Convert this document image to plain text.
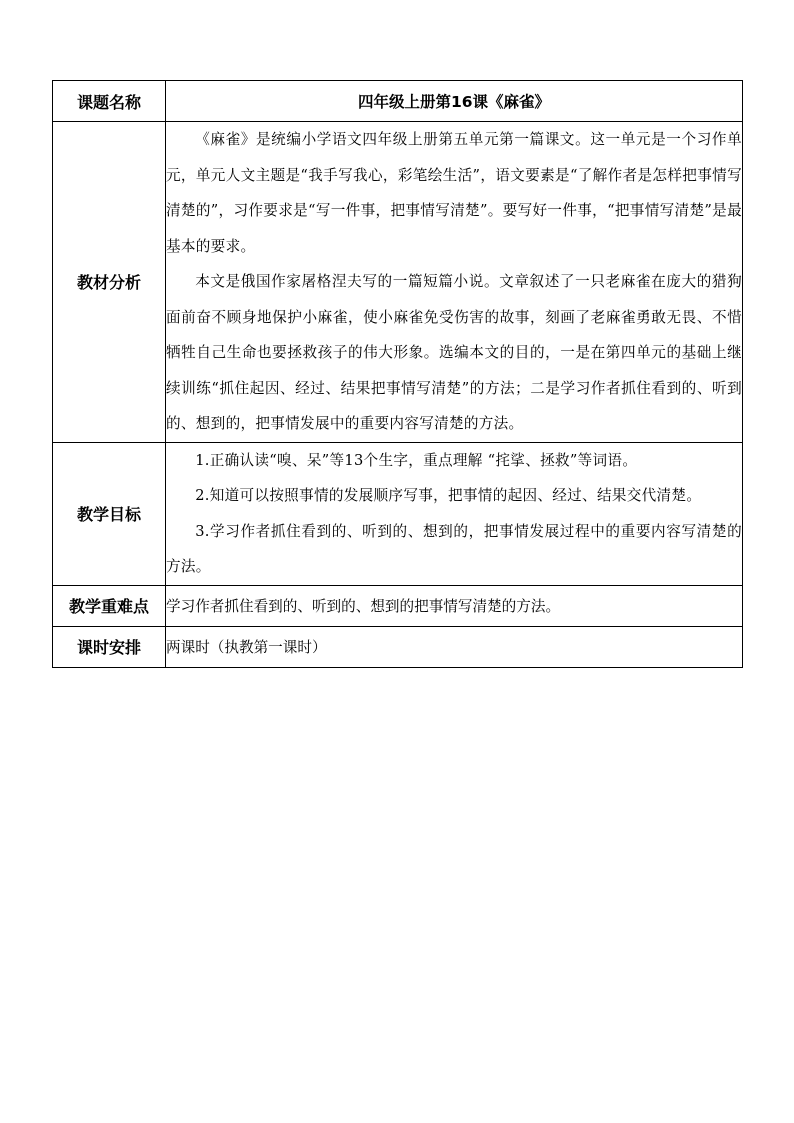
课题名称	四年级上册第16课《麻雀》
教材分析	《麻雀》是统编小学语文四年级上册第五单元第一篇课文。这一单元是一个习作单元，单元人文主题是“我手写我心，彩笔绘生活”，语文要素是“了解作者是怎样把事情写清楚的”，习作要求是“写一件事，把事情写清楚”。要写好一件事，“把事情写清楚”是最基本的要求。

本文是俄国作家屠格涅夫写的一篇短篇小说。文章叙述了一只老麻雀在庞大的猎狗面前奋不顾身地保护小麻雀，使小麻雀免受伤害的故事，刻画了老麻雀勇敢无畏、不惜牺牲自己生命也要拯救孩子的伟大形象。选编本文的目的，一是在第四单元的基础上继续训练“抓住起因、经过、结果把事情写清楚”的方法；二是学习作者抓住看到的、听到的、想到的，把事情发展中的重要内容写清楚的方法。

教学目标	1.正确认读“嗅、呆”等13个生字，重点理解 “挓挲、拯救”等词语。

2.知道可以按照事情的发展顺序写事，把事情的起因、经过、结果交代清楚。

3.学习作者抓住看到的、听到的、想到的，把事情发展过程中的重要内容写清楚的方法。

教学重难点	学习作者抓住看到的、听到的、想到的把事情写清楚的方法。
课时安排	两课时（执教第一课时）
